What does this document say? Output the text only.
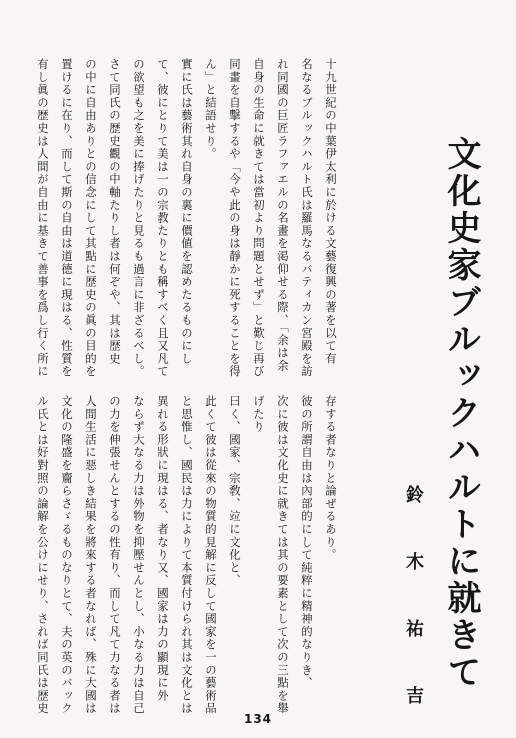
十九世紀の中葉伊太利に於ける文藝復興の著を以て有
名なるブルックハルト氏は羅馬なるバティカン宮殿を訪
れ同國の巨匠ラファエルの名畫を渇仰せる際、「余は余
自身の生命に就きては當初より問題とせず」と歎じ再び
同畫を自擊するや「今や此の身は靜かに死することを得
ん」と結語せり。
實に氏は藝術其れ自身の裏に價値を認めたるものにし
て、彼にとりて美は一の宗教たりとも稱すべく且又凡て
の欲望も之を美に捧げたりと見るも過言に非ざるべし。
さて同氏の歴史觀の中軸たりし者は何ぞや、其は歴史
の中に自由ありとの信念にして其點に歴史の眞の目的を
置けるに在り、而して斯の自由は道德に現はる、性質を
有し眞の歴史は人間が自由に基きて善事を爲し行く所に
存する者なりと論ぜるあり。
彼の所謂自由は內部的にして純粹に精神的なりき、
次に彼は文化史に就きては其の要素として次の三點を舉
げたり
曰く、國家、宗敎、竝に文化と、
此くて彼は從來の物質的見解に反して國家を一の藝術品
と思惟し、國民は力によりて本質付けられ其は文化とは
異れる形狀に現はる、者なり又、國家は力の顯現に外
ならず大なる力は外物を抑壓せんとし、小なる力は自己
の力を伸張せんとするの性有り、而して凡て力なる者は
人間生活に惡しき結果を將來する者なれば、殊に大國は
文化の隆盛を齎らさゞるものなりとて、夫の英のバック
ル氏とは好對照の論解を公けにせり、されば同氏は歴史	文化史家ブルックハルトに就きて
鈴 木 祐 吉
134
